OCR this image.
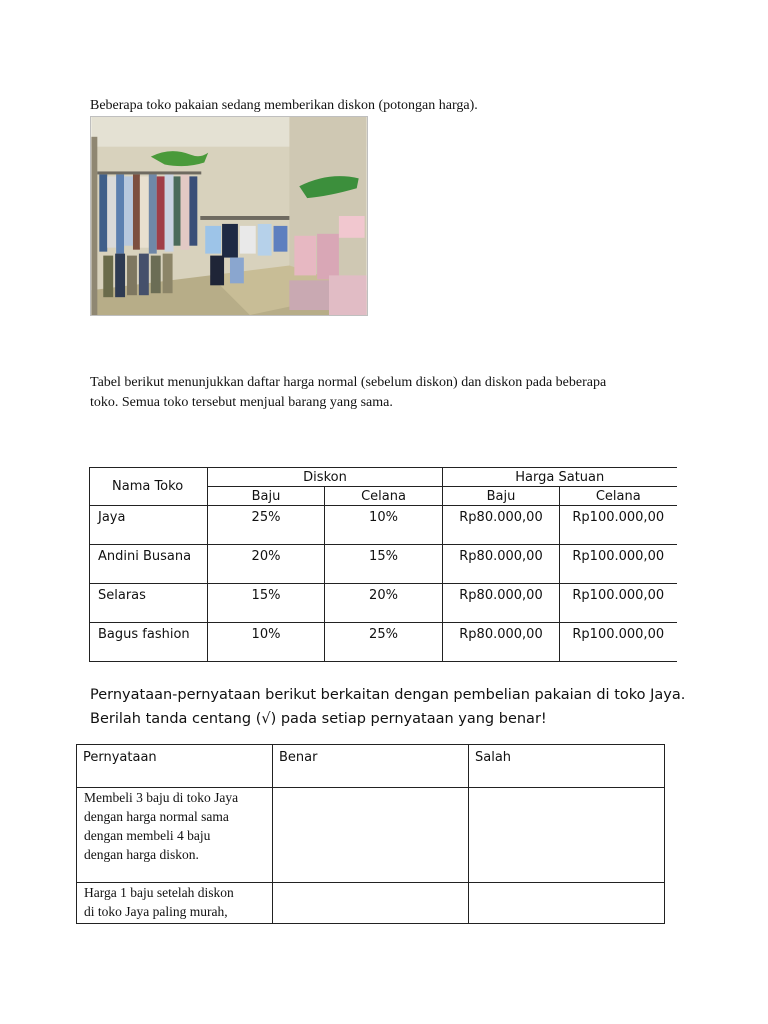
Beberapa toko pakaian sedang memberikan diskon (potongan harga).
Tabel berikut menunjukkan daftar harga normal (sebelum diskon) dan diskon pada beberapa
toko. Semua toko tersebut menjual barang yang sama.
Nama Toko	Diskon		Harga Satuan	
	Baju	Celana	Baju	Celana
Jaya	25%	10%	Rp80.000,00	Rp100.000,00
Andini Busana	20%	15%	Rp80.000,00	Rp100.000,00
Selaras	15%	20%	Rp80.000,00	Rp100.000,00
Bagus fashion	10%	25%	Rp80.000,00	Rp100.000,00
Pernyataan-pernyataan berikut berkaitan dengan pembelian pakaian di toko Jaya.
Berilah tanda centang (√) pada setiap pernyataan yang benar!
Pernyataan	Benar	Salah

Membeli 3 baju di toko Jaya
dengan harga normal sama
dengan membeli 4 baju
dengan harga diskon.		

Harga 1 baju setelah diskon
di toko Jaya paling murah,		
